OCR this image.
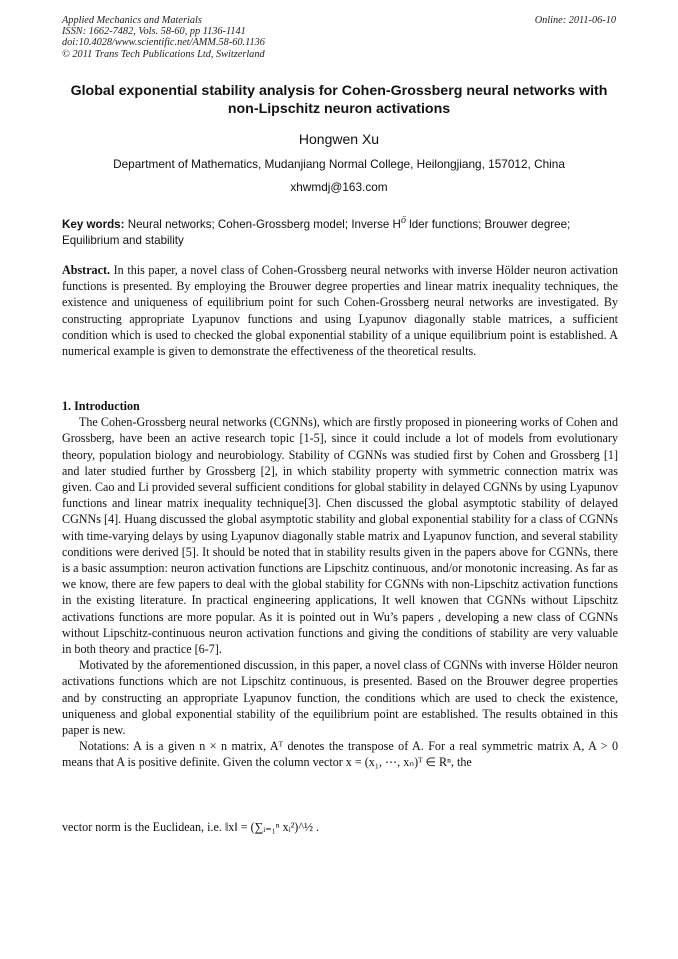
Applied Mechanics and Materials
ISSN: 1662-7482, Vols. 58-60, pp 1136-1141
doi:10.4028/www.scientific.net/AMM.58-60.1136
© 2011 Trans Tech Publications Ltd, Switzerland
Online: 2011-06-10
Global exponential stability analysis for Cohen-Grossberg neural networks with non-Lipschitz neuron activations
Hongwen Xu
Department of Mathematics, Mudanjiang Normal College, Heilongjiang, 157012, China
xhwmdj@163.com
Key words: Neural networks; Cohen-Grossberg model; Inverse Hö lder functions; Brouwer degree; Equilibrium and stability

Abstract. In this paper, a novel class of Cohen-Grossberg neural networks with inverse Hölder neuron activation functions is presented. By employing the Brouwer degree properties and linear matrix inequality techniques, the existence and uniqueness of equilibrium point for such Cohen-Grossberg neural networks are investigated. By constructing appropriate Lyapunov functions and using Lyapunov diagonally stable matrices, a sufficient condition which is used to checked the global exponential stability of a unique equilibrium point is established. A numerical example is given to demonstrate the effectiveness of the theoretical results.

1. Introduction

The Cohen-Grossberg neural networks (CGNNs), which are firstly proposed in pioneering works of Cohen and Grossberg, have been an active research topic [1-5], since it could include a lot of models from evolutionary theory, population biology and neurobiology. Stability of CGNNs was studied first by Cohen and Grossberg [1] and later studied further by Grossberg [2], in which stability property with symmetric connection matrix was given. Cao and Li provided several sufficient conditions for global stability in delayed CGNNs by using Lyapunov functions and linear matrix inequality technique[3]. Chen discussed the global asymptotic stability of delayed CGNNs [4]. Huang discussed the global asymptotic stability and global exponential stability for a class of CGNNs with time-varying delays by using Lyapunov diagonally stable matrix and Lyapunov function, and several stability conditions were derived [5]. It should be noted that in stability results given in the papers above for CGNNs, there is a basic assumption: neuron activation functions are Lipschitz continuous, and/or monotonic increasing. As far as we know, there are few papers to deal with the global stability for CGNNs with non-Lipschitz activation functions in the existing literature. In practical engineering applications, It well knowen that CGNNs without Lipschitz activations functions are more popular. As it is pointed out in Wu’s papers , developing a new class of CGNNs without Lipschitz-continuous neuron activation functions and giving the conditions of stability are very valuable in both theory and practice [6-7].

Motivated by the aforementioned discussion, in this paper, a novel class of CGNNs with inverse Hölder neuron activations functions which are not Lipschitz continuous, is presented. Based on the Brouwer degree properties and by constructing an appropriate Lyapunov function, the conditions which are used to check the existence, uniqueness and global exponential stability of the equilibrium point are established. The results obtained in this paper is new.

Notations: A is a given n × n matrix, Aᵀ denotes the transpose of A. For a real symmetric matrix A, A > 0 means that A is positive definite. Given the column vector x = (x₁, ⋯, xₙ)ᵀ ∈ Rⁿ, the

vector norm is the Euclidean, i.e. ‖x‖ = (∑ᵢ₌₁ⁿ xᵢ²)^½ .
